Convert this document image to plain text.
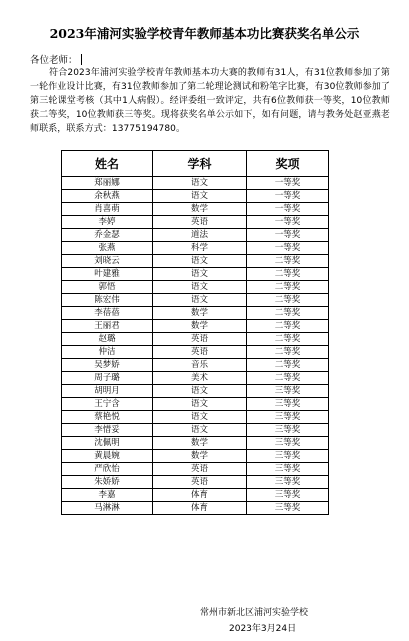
2023年浦河实验学校青年教师基本功比赛获奖名单公示
各位老师：
符合2023年浦河实验学校青年教师基本功大赛的教师有31人，有31位教师参加了第一轮作业设计比赛，有31位教师参加了第二轮理论测试和粉笔字比赛，有30位教师参加了第三轮课堂考核（其中1人病假）。经评委组一致评定，共有6位教师获一等奖，10位教师获二等奖，10位教师获三等奖。现将获奖名单公示如下，如有问题，请与教务处赵亚燕老师联系，联系方式：13775194780。
姓名	学科	奖项
郑丽娜	语文	一等奖
余秋燕	语文	一等奖
肖喜萌	数学	一等奖
李婷	英语	一等奖
乔金瑟	道法	一等奖
张燕	科学	一等奖
刘晓云	语文	二等奖
叶建雅	语文	二等奖
郭悟	语文	二等奖
陈宏伟	语文	二等奖
李蓓蓓	数学	二等奖
王丽君	数学	二等奖
赵璐	英语	二等奖
仲洁	英语	二等奖
吴梦娇	音乐	二等奖
周子璐	美术	二等奖
胡明月	语文	三等奖
王宁含	语文	三等奖
蔡艳悦	语文	三等奖
李惜妥	语文	三等奖
沈佩明	数学	三等奖
黄晨婉	数学	三等奖
严欣怡	英语	三等奖
朱娇娇	英语	三等奖
李嘉	体育	三等奖
马淋淋	体育	三等奖
常州市新北区浦河实验学校
2023年3月24日
